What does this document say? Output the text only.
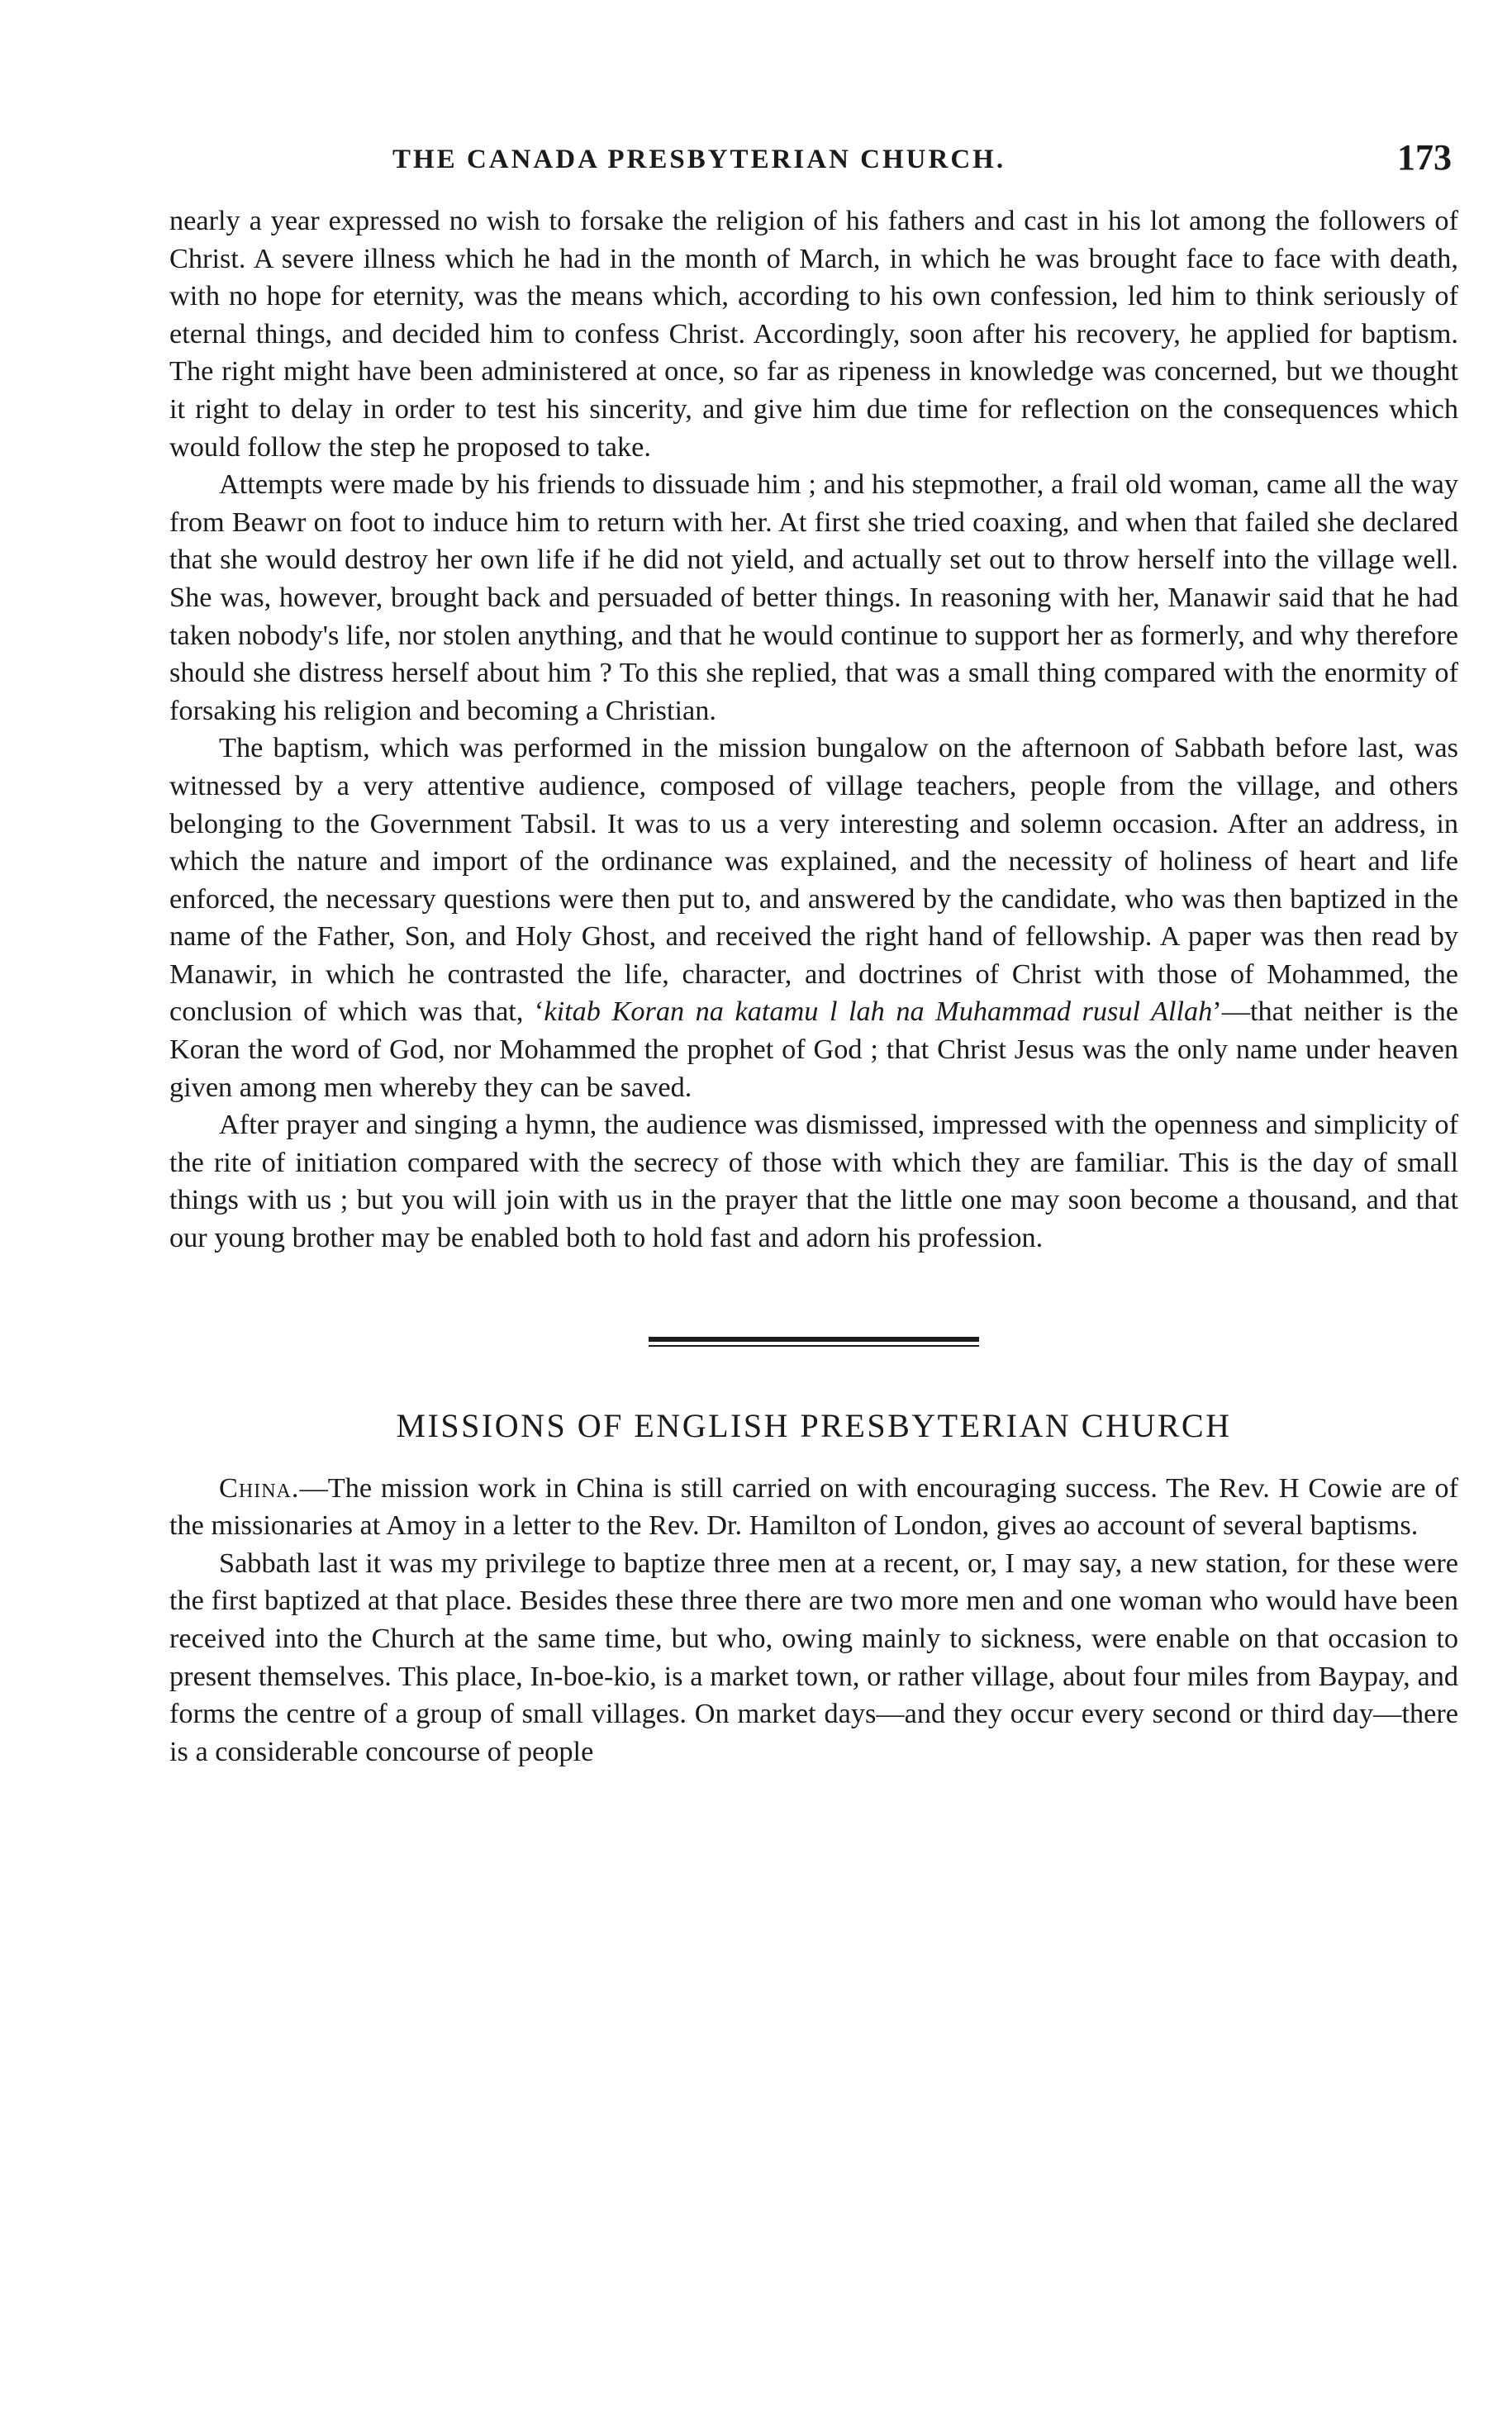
THE CANADA PRESBYTERIAN CHURCH.	173

nearly a year expressed no wish to forsake the religion of his fathers and cast in his lot among the followers of Christ. A severe illness which he had in the month of March, in which he was brought face to face with death, with no hope for eternity, was the means which, according to his own confession, led him to think seriously of eternal things, and decided him to confess Christ. Accordingly, soon after his recovery, he applied for baptism. The right might have been administered at once, so far as ripeness in knowledge was concerned, but we thought it right to delay in order to test his sincerity, and give him due time for reflection on the consequences which would follow the step he proposed to take.

Attempts were made by his friends to dissuade him ; and his stepmother, a frail old woman, came all the way from Beawr on foot to induce him to return with her. At first she tried coaxing, and when that failed she declared that she would destroy her own life if he did not yield, and actually set out to throw herself into the village well. She was, however, brought back and persuaded of better things. In reasoning with her, Manawir said that he had taken nobody's life, nor stolen anything, and that he would continue to support her as formerly, and why therefore should she distress herself about him ? To this she replied, that was a small thing compared with the enormity of forsaking his religion and becoming a Christian.

The baptism, which was performed in the mission bungalow on the afternoon of Sabbath before last, was witnessed by a very attentive audience, composed of village teachers, people from the village, and others belonging to the Government Tabsil. It was to us a very interesting and solemn occasion. After an address, in which the nature and import of the ordinance was explained, and the necessity of holiness of heart and life enforced, the necessary questions were then put to, and answered by the candidate, who was then baptized in the name of the Father, Son, and Holy Ghost, and received the right hand of fellowship. A paper was then read by Manawir, in which he contrasted the life, character, and doctrines of Christ with those of Mohammed, the conclusion of which was that, ‘kitab Koran na katamu l lah na Muhammad rusul Allah’—that neither is the Koran the word of God, nor Mohammed the prophet of God ; that Christ Jesus was the only name under heaven given among men whereby they can be saved.

After prayer and singing a hymn, the audience was dismissed, impressed with the openness and simplicity of the rite of initiation compared with the secrecy of those with which they are familiar. This is the day of small things with us ; but you will join with us in the prayer that the little one may soon become a thousand, and that our young brother may be enabled both to hold fast and adorn his profession.

MISSIONS OF ENGLISH PRESBYTERIAN CHURCH

China.—The mission work in China is still carried on with encouraging success. The Rev. H Cowie are of the missionaries at Amoy in a letter to the Rev. Dr. Hamilton of London, gives ao account of several baptisms.

Sabbath last it was my privilege to baptize three men at a recent, or, I may say, a new station, for these were the first baptized at that place. Besides these three there are two more men and one woman who would have been received into the Church at the same time, but who, owing mainly to sickness, were enable on that occasion to present themselves. This place, In-boe-kio, is a market town, or rather village, about four miles from Baypay, and forms the centre of a group of small villages. On market days—and they occur every second or third day—there is a considerable concourse of people
